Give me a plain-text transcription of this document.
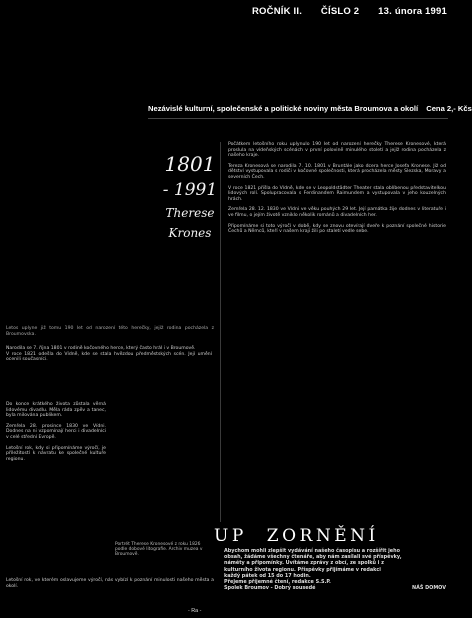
ROČNÍK II. ČÍSLO 2 13. února 1991
Nezávislé kulturní, společenské a politické noviny města Broumova a okolí Cena 2,- Kčs
1801
- 1991
Therese
Krones
Počátkem letošního roku uplynulo 190 let od narození herečky Therese Kronesové, která proslula na vídeňských scénách v první polovině minulého století a jejíž rodina pocházela z našeho kraje.
Tereza Kronesová se narodila 7. 10. 1801 v Bruntále jako dcera herce Josefa Kronese. Již od dětství vystupovala s rodiči v kočovné společnosti, která procházela městy Slezska, Moravy a severních Čech.
V roce 1821 přišla do Vídně, kde se v Leopoldstädter Theater stala oblíbenou představitelkou lidových rolí. Spolupracovala s Ferdinandem Raimundem a vystupovala v jeho kouzelných hrách.
Zemřela 28. 12. 1830 ve Vídni ve věku pouhých 29 let. Její památka žije dodnes v literatuře i ve filmu, o jejím životě vzniklo několik románů a divadelních her.
Připomínáme si toto výročí v době, kdy se znovu otevírají dveře k poznání společné historie Čechů a Němců, kteří v našem kraji žili po staletí vedle sebe.
Letos uplyne již tomu 190 let od narození této herečky, jejíž rodina pocházela z Broumovska.
Narodila se 7. října 1801 v rodině kočovného herce, který často hrál i v Broumově.
V roce 1821 odešla do Vídně, kde se stala hvězdou předměstských scén. Její umění ocenili současníci.
Do konce krátkého života zůstala věrná lidovému divadlu. Měla ráda zpěv a tanec, byla milována publikem.
Zemřela 28. prosince 1830 ve Vídni. Dodnes na ni vzpomínají herci i divadelníci v celé střední Evropě.
Letošní rok, kdy si připomínáme výročí, je příležitostí k návratu ke společné kultuře regionu.
Portrét Therese Kronesové z roku 1826 podle dobové litografie. Archiv muzea v Broumově.
Letošní rok, ve kterém oslavujeme výročí, nás vybízí k poznání minulosti našeho města a okolí.
- Ra -
UP ZORNĚNÍ
Abychom mohli zlepšit vydávání našeho časopisu a rozšířit jeho
obsah, žádáme všechny čtenáře, aby nám zasílali své příspěvky,
náměty a připomínky. Uvítáme zprávy z obcí, ze spolků i z
kulturního života regionu. Příspěvky přijímáme v redakci
každý pátek od 15 do 17 hodin.
Přejeme příjemné čtení, redakce S.S.P.
Spolek Broumov - Dobrý sousedé	NÁŠ DOMOV
